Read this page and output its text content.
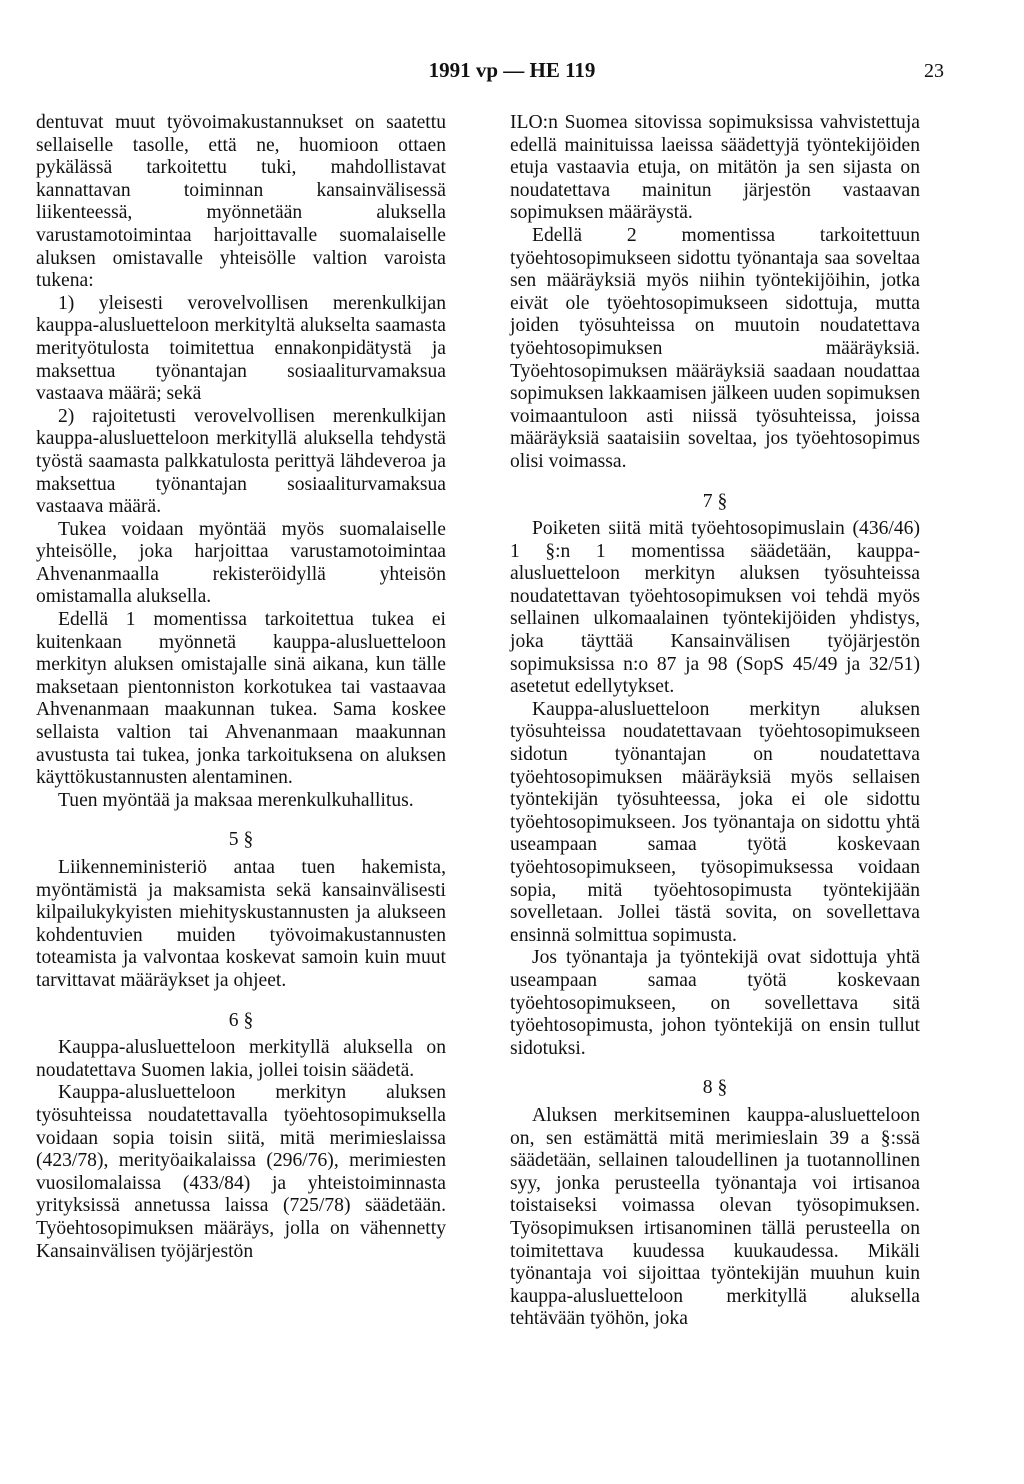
1991 vp — HE 119	23

dentuvat muut työvoimakustannukset on saatettu sellaiselle tasolle, että ne, huomioon ottaen pykälässä tarkoitettu tuki, mahdollistavat kannattavan toiminnan kansainvälisessä liikenteessä, myönnetään aluksella varustamotoimintaa harjoittavalle suomalaiselle aluksen omistavalle yhteisölle valtion varoista tukena:

1) yleisesti verovelvollisen merenkulkijan kauppa-alusluetteloon merkityltä alukselta saamasta merityötulosta toimitettua ennakonpidätystä ja maksettua työnantajan sosiaaliturvamaksua vastaava määrä; sekä

2) rajoitetusti verovelvollisen merenkulkijan kauppa-alusluetteloon merkityllä aluksella tehdystä työstä saamasta palkkatulosta perittyä lähdeveroa ja maksettua työnantajan sosiaaliturvamaksua vastaava määrä.

Tukea voidaan myöntää myös suomalaiselle yhteisölle, joka harjoittaa varustamotoimintaa Ahvenanmaalla rekisteröidyllä yhteisön omistamalla aluksella.

Edellä 1 momentissa tarkoitettua tukea ei kuitenkaan myönnetä kauppa-alusluetteloon merkityn aluksen omistajalle sinä aikana, kun tälle maksetaan pientonniston korkotukea tai vastaavaa Ahvenanmaan maakunnan tukea. Sama koskee sellaista valtion tai Ahvenanmaan maakunnan avustusta tai tukea, jonka tarkoituksena on aluksen käyttökustannusten alentaminen.

Tuen myöntää ja maksaa merenkulkuhallitus.

5 §

Liikenneministeriö antaa tuen hakemista, myöntämistä ja maksamista sekä kansainvälisesti kilpailukykyisten miehityskustannusten ja alukseen kohdentuvien muiden työvoimakustannusten toteamista ja valvontaa koskevat samoin kuin muut tarvittavat määräykset ja ohjeet.

6 §

Kauppa-alusluetteloon merkityllä aluksella on noudatettava Suomen lakia, jollei toisin säädetä.

Kauppa-alusluetteloon merkityn aluksen työsuhteissa noudatettavalla työehtosopimuksella voidaan sopia toisin siitä, mitä merimieslaissa (423/78), merityöaikalaissa (296/76), merimiesten vuosilomalaissa (433/84) ja yhteistoiminnasta yrityksissä annetussa laissa (725/78) säädetään. Työehtosopimuksen määräys, jolla on vähennetty Kansainvälisen työjärjestön

ILO:n Suomea sitovissa sopimuksissa vahvistettuja edellä mainituissa laeissa säädettyjä työntekijöiden etuja vastaavia etuja, on mitätön ja sen sijasta on noudatettava mainitun järjestön vastaavan sopimuksen määräystä.

Edellä 2 momentissa tarkoitettuun työehtosopimukseen sidottu työnantaja saa soveltaa sen määräyksiä myös niihin työntekijöihin, jotka eivät ole työehtosopimukseen sidottuja, mutta joiden työsuhteissa on muutoin noudatettava työehtosopimuksen määräyksiä. Työehtosopimuksen määräyksiä saadaan noudattaa sopimuksen lakkaamisen jälkeen uuden sopimuksen voimaantuloon asti niissä työsuhteissa, joissa määräyksiä saataisiin soveltaa, jos työehtosopimus olisi voimassa.

7 §

Poiketen siitä mitä työehtosopimuslain (436/46) 1 §:n 1 momentissa säädetään, kauppa-alusluetteloon merkityn aluksen työsuhteissa noudatettavan työehtosopimuksen voi tehdä myös sellainen ulkomaalainen työntekijöiden yhdistys, joka täyttää Kansainvälisen työjärjestön sopimuksissa n:o 87 ja 98 (SopS 45/49 ja 32/51) asetetut edellytykset.

Kauppa-alusluetteloon merkityn aluksen työsuhteissa noudatettavaan työehtosopimukseen sidotun työnantajan on noudatettava työehtosopimuksen määräyksiä myös sellaisen työntekijän työsuhteessa, joka ei ole sidottu työehtosopimukseen. Jos työnantaja on sidottu yhtä useampaan samaa työtä koskevaan työehtosopimukseen, työsopimuksessa voidaan sopia, mitä työehtosopimusta työntekijään sovelletaan. Jollei tästä sovita, on sovellettava ensinnä solmittua sopimusta.

Jos työnantaja ja työntekijä ovat sidottuja yhtä useampaan samaa työtä koskevaan työehtosopimukseen, on sovellettava sitä työehtosopimusta, johon työntekijä on ensin tullut sidotuksi.

8 §

Aluksen merkitseminen kauppa-alusluetteloon on, sen estämättä mitä merimieslain 39 a §:ssä säädetään, sellainen taloudellinen ja tuotannollinen syy, jonka perusteella työnantaja voi irtisanoa toistaiseksi voimassa olevan työsopimuksen. Työsopimuksen irtisanominen tällä perusteella on toimitettava kuudessa kuukaudessa. Mikäli työnantaja voi sijoittaa työntekijän muuhun kuin kauppa-alusluetteloon merkityllä aluksella tehtävään työhön, joka
